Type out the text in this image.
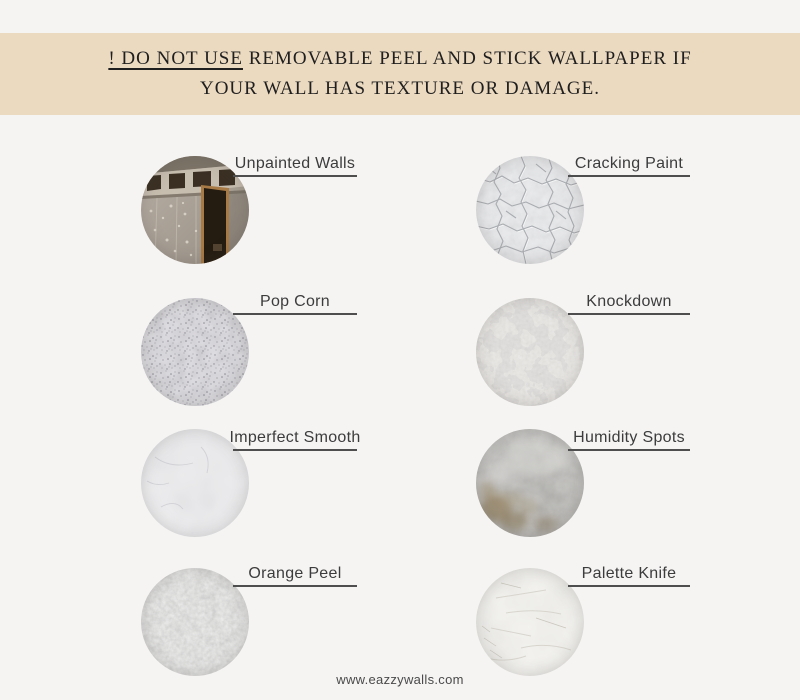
! DO NOT USE REMOVABLE PEEL AND STICK WALLPAPER IF YOUR WALL HAS TEXTURE OR DAMAGE.

Unpainted Walls	Cracking Paint
Pop Corn	Knockdown
Imperfect Smooth	Humidity Spots
Orange Peel	Palette Knife
www.eazzywalls.com
